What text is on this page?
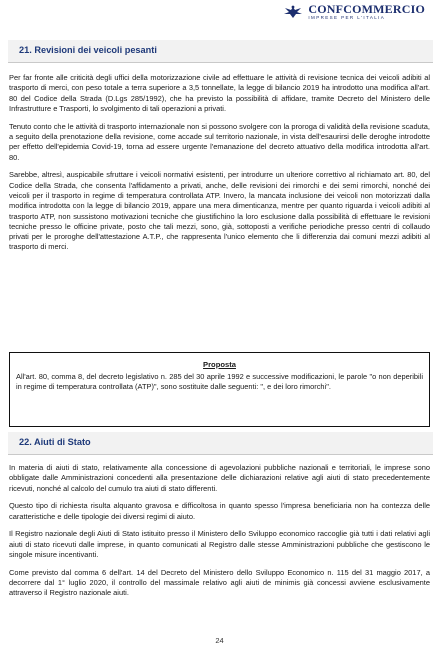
CONFCOMMERCIO
IMPRESE PER L'ITALIA
21. Revisioni dei veicoli pesanti

Per far fronte alle criticità degli uffici della motorizzazione civile ad effettuare le attività di revisione tecnica dei veicoli adibiti al trasporto di merci, con peso totale a terra superiore a 3,5 tonnellate, la legge di bilancio 2019 ha introdotto una modifica all'art. 80 del Codice della Strada (D.Lgs 285/1992), che ha previsto la possibilità di affidare, tramite Decreto del Ministero delle Infrastrutture e Trasporti, lo svolgimento di tali operazioni a privati.

Tenuto conto che le attività di trasporto internazionale non si possono svolgere con la proroga di validità della revisione scaduta, a seguito della prenotazione della revisione, come accade sul territorio nazionale, in vista dell'esaurirsi delle deroghe introdotte per effetto dell'epidemia Covid-19, torna ad essere urgente l'emanazione del decreto attuativo della modifica introdotta all'art. 80.

Sarebbe, altresì, auspicabile sfruttare i veicoli normativi esistenti, per introdurre un ulteriore correttivo al richiamato art. 80, del Codice della Strada, che consenta l'affidamento a privati, anche, delle revisioni dei rimorchi e dei semi rimorchi, nonché dei veicoli per il trasporto in regime di temperatura controllata ATP. Invero, la mancata inclusione dei veicoli non motorizzati dalla modifica introdotta con la legge di bilancio 2019, appare una mera dimenticanza, mentre per quanto riguarda i veicoli adibiti al trasporto ATP, non sussistono motivazioni tecniche che giustifichino la loro esclusione dalla possibilità di effettuare le revisioni tecniche presso le officine private, posto che tali mezzi, sono, già, sottoposti a verifiche periodiche presso centri di collaudo privati per le proroghe dell'attestazione A.T.P., che rappresenta l'unico elemento che li differenzia dai comuni mezzi adibiti al trasporto di merci.

Proposta

All'art. 80, comma 8, del decreto legislativo n. 285 del 30 aprile 1992 e successive modificazioni, le parole "o non deperibili in regime di temperatura controllata (ATP)", sono sostituite dalle seguenti: ", e dei loro rimorchi".

22. Aiuti di Stato

In materia di aiuti di stato, relativamente alla concessione di agevolazioni pubbliche nazionali e territoriali, le imprese sono obbligate dalle Amministrazioni concedenti alla presentazione delle dichiarazioni relative agli aiuti di stato precedentemente ricevuti, nonché al calcolo del cumulo tra aiuti di stato differenti.

Questo tipo di richiesta risulta alquanto gravosa e difficoltosa in quanto spesso l'impresa beneficiaria non ha contezza delle caratteristiche e delle tipologie dei diversi regimi di aiuto.

Il Registro nazionale degli Aiuti di Stato istituito presso il Ministero dello Sviluppo economico raccoglie già tutti i dati relativi agli aiuti di stato ricevuti dalle imprese, in quanto comunicati al Registro dalle stesse Amministrazioni pubbliche che gestiscono le singole misure incentivanti.

Come previsto dal comma 6 dell'art. 14 del Decreto del Ministero dello Sviluppo Economico n. 115 del 31 maggio 2017, a decorrere dal 1° luglio 2020, il controllo del massimale relativo agli aiuti de minimis già concessi avviene esclusivamente attraverso il Registro nazionale aiuti.

24
